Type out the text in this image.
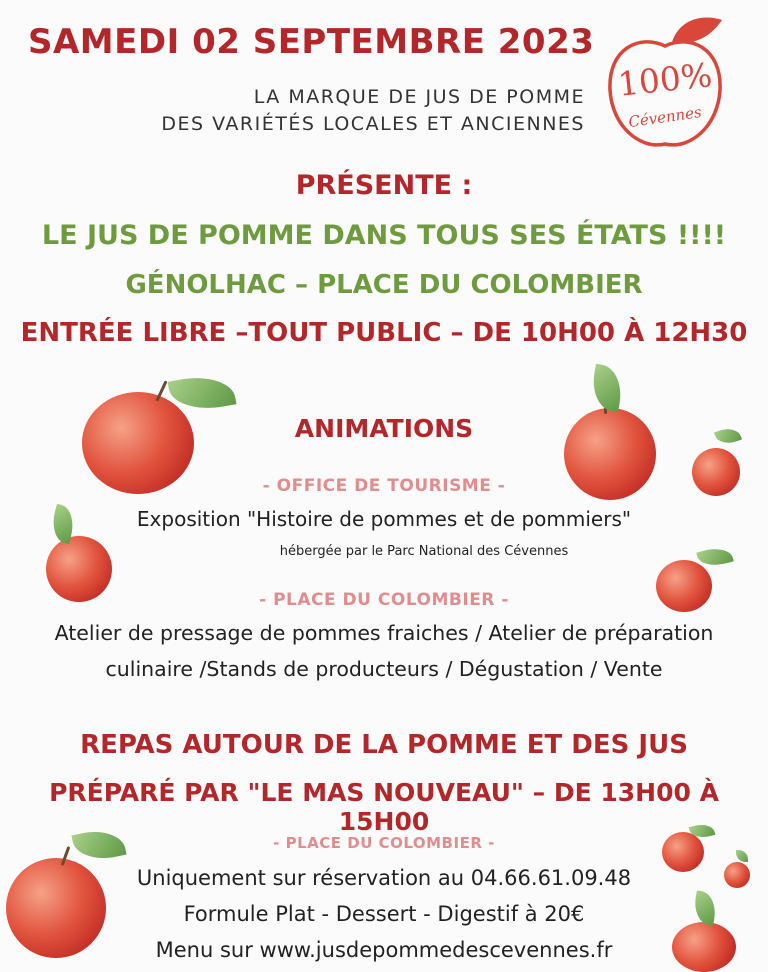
SAMEDI 02 SEPTEMBRE 2023
LA MARQUE DE JUS DE POMME
DES VARIÉTÉS LOCALES ET ANCIENNES
100%
Cévennes
PRÉSENTE :
LE JUS DE POMME DANS TOUS SES ÉTATS !!!!
GÉNOLHAC – PLACE DU COLOMBIER
ENTRÉE LIBRE –TOUT PUBLIC – DE 10H00 À 12H30
ANIMATIONS
- OFFICE DE TOURISME -
Exposition "Histoire de pommes et de pommiers"
hébergée par le Parc National des Cévennes
- PLACE DU COLOMBIER -
Atelier de pressage de pommes fraiches / Atelier de préparation
culinaire /Stands de producteurs / Dégustation / Vente
REPAS AUTOUR DE LA POMME ET DES JUS
PRÉPARÉ PAR "LE MAS NOUVEAU" – DE 13H00 À 15H00
- PLACE DU COLOMBIER -
Uniquement sur réservation au 04.66.61.09.48
Formule Plat - Dessert - Digestif à 20€
Menu sur www.jusdepommedescevennes.fr
